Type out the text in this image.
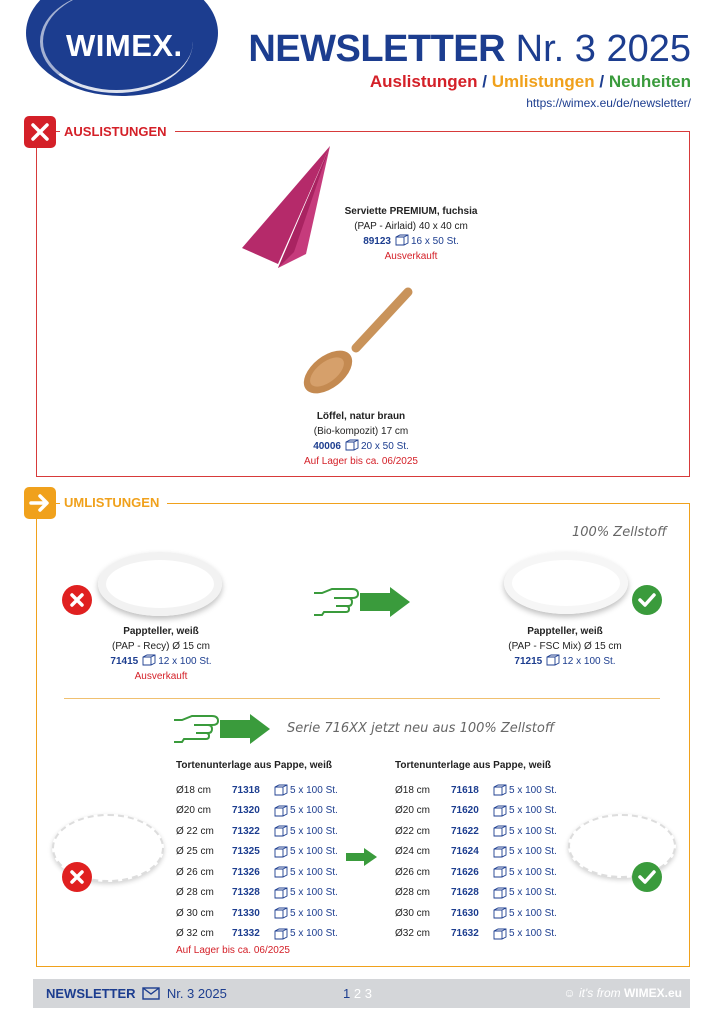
WIMEX. NEWSLETTER Nr. 3 2025
Auslistungen / Umlistungen / Neuheiten
https://wimex.eu/de/newsletter/
AUSLISTUNGEN
Serviette PREMIUM, fuchsia
(PAP - Airlaid) 40 x 40 cm
89123 16 x 50 St.
Ausverkauft
Löffel, natur braun
(Bio-kompozit) 17 cm
40006 20 x 50 St.
Auf Lager bis ca. 06/2025
UMLISTUNGEN
100% Zellstoff
Pappteller, weiß
(PAP - Recy) Ø 15 cm
71415 12 x 100 St.
Ausverkauft
Pappteller, weiß
(PAP - FSC Mix) Ø 15 cm
71215 12 x 100 St.
Serie 716XX jetzt neu aus 100% Zellstoff
Tortenunterlage aus Pappe, weiß
Ø18 cm	71318	5 x 100 St.
Ø20 cm	71320	5 x 100 St.
Ø 22 cm	71322	5 x 100 St.
Ø 25 cm	71325	5 x 100 St.
Ø 26 cm	71326	5 x 100 St.
Ø 28 cm	71328	5 x 100 St.
Ø 30 cm	71330	5 x 100 St.
Ø 32 cm	71332	5 x 100 St.
Auf Lager bis ca. 06/2025
Tortenunterlage aus Pappe, weiß
Ø18 cm	71618	5 x 100 St.
Ø20 cm	71620	5 x 100 St.
Ø22 cm	71622	5 x 100 St.
Ø24 cm	71624	5 x 100 St.
Ø26 cm	71626	5 x 100 St.
Ø28 cm	71628	5 x 100 St.
Ø30 cm	71630	5 x 100 St.
Ø32 cm	71632	5 x 100 St.
NEWSLETTER Nr. 3 2025	1 2 3	☺ it's from WIMEX.eu
